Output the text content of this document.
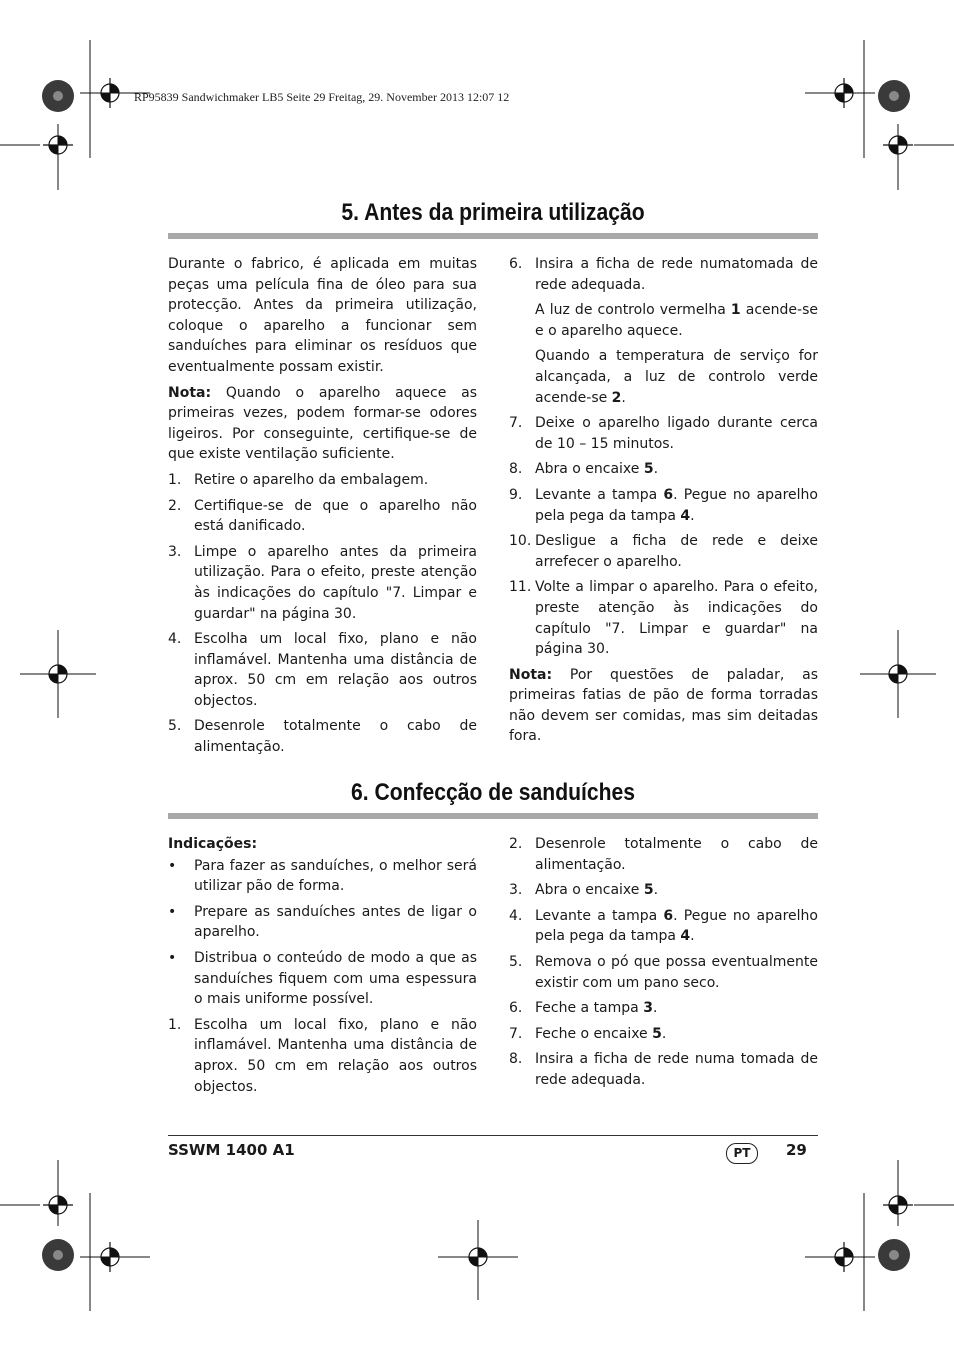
RP95839 Sandwichmaker LB5 Seite 29 Freitag, 29. November 2013 12:07 12
5. Antes da primeira utilização

Durante o fabrico, é aplicada em muitas peças uma película fina de óleo para sua protecção. Antes da primeira utilização, coloque o aparelho a funcionar sem sanduíches para eliminar os resíduos que eventualmente possam existir.

Nota: Quando o aparelho aquece as primeiras vezes, podem formar-se odores ligeiros. Por conseguinte, certifique-se de que existe ventilação suficiente.

1. Retire o aparelho da embalagem.
2. Certifique-se de que o aparelho não está danificado.
3. Limpe o aparelho antes da primeira utilização. Para o efeito, preste atenção às indicações do capítulo "7. Limpar e guardar" na página 30.
4. Escolha um local fixo, plano e não inflamável. Mantenha uma distância de aprox. 50 cm em relação aos outros objectos.
5. Desenrole totalmente o cabo de alimentação.
6. Insira a ficha de rede numatomada de rede adequada.

A luz de controlo vermelha 1 acende-se e o aparelho aquece.

Quando a temperatura de serviço for alcançada, a luz de controlo verde acende-se 2.

7. Deixe o aparelho ligado durante cerca de 10 – 15 minutos.
8. Abra o encaixe 5.
9. Levante a tampa 6. Pegue no aparelho pela pega da tampa 4.
10. Desligue a ficha de rede e deixe arrefecer o aparelho.
11. Volte a limpar o aparelho. Para o efeito, preste atenção às indicações do capítulo "7. Limpar e guardar" na página 30.

Nota: Por questões de paladar, as primeiras fatias de pão de forma torradas não devem ser comidas, mas sim deitadas fora.

6. Confecção de sanduíches

Indicações:

•	Para fazer as sanduíches, o melhor será utilizar pão de forma.
•	Prepare as sanduíches antes de ligar o aparelho.
•	Distribua o conteúdo de modo a que as sanduíches fiquem com uma espessura o mais uniforme possível.
1. Escolha um local fixo, plano e não inflamável. Mantenha uma distância de aprox. 50 cm em relação aos outros objectos.
2. Desenrole totalmente o cabo de alimentação.
3. Abra o encaixe 5.
4. Levante a tampa 6. Pegue no aparelho pela pega da tampa 4.
5. Remova o pó que possa eventualmente existir com um pano seco.
6. Feche a tampa 3.
7. Feche o encaixe 5.
8. Insira a ficha de rede numa tomada de rede adequada.
SSWM 1400 A1	PT	29
